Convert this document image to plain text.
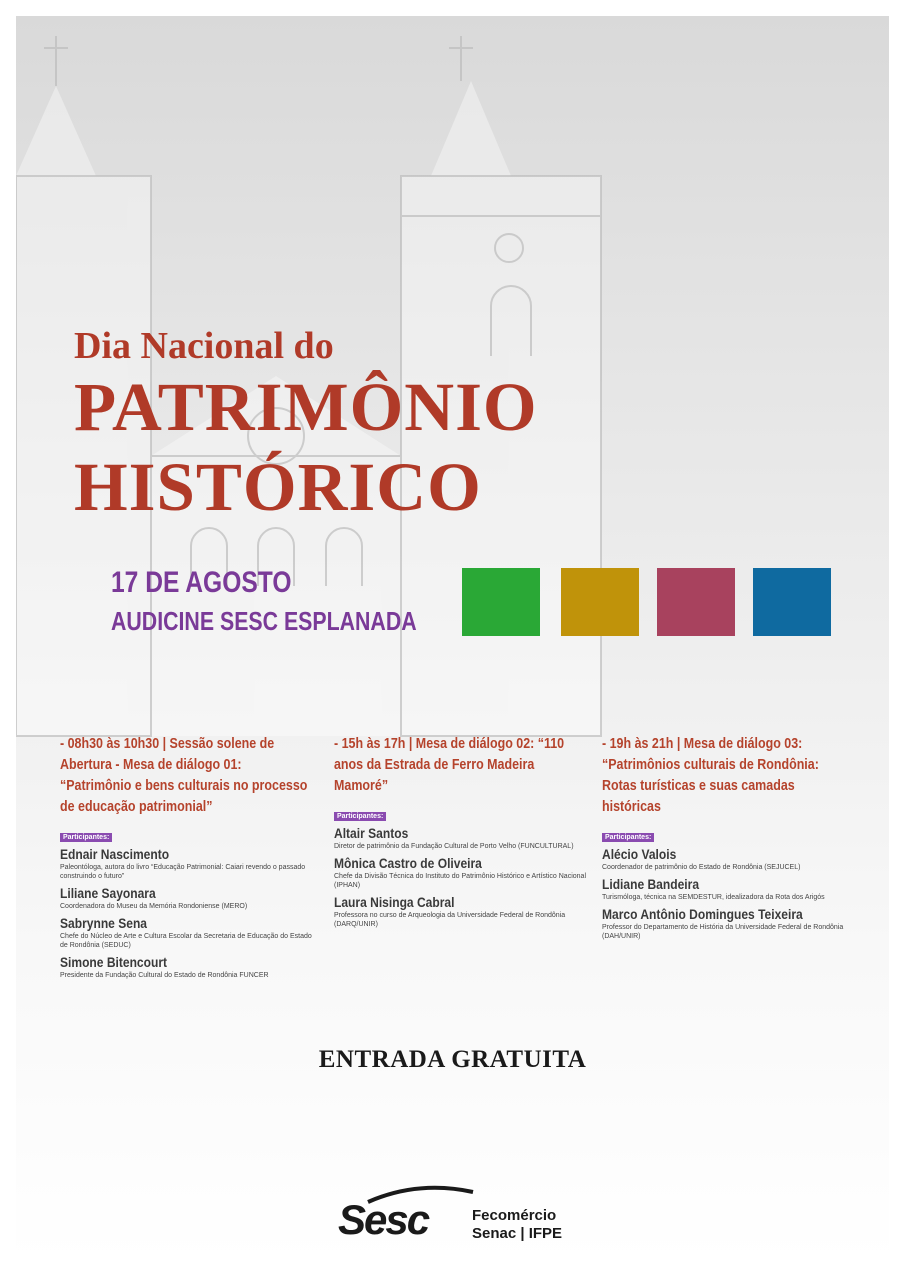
Dia Nacional do
PATRIMÔNIO
HISTÓRICO
17 DE AGOSTO
AUDICINE SESC ESPLANADA

- 08h30 às 10h30 | Sessão solene de Abertura - Mesa de diálogo 01: “Patrimônio e bens culturais no processo de educação patrimonial”

Participantes:
Ednair Nascimento
Paleontóloga, autora do livro “Educação Patrimonial: Caiari revendo o passado construindo o futuro”
Liliane Sayonara
Coordenadora do Museu da Memória Rondoniense (MERO)
Sabrynne Sena
Chefe do Núcleo de Arte e Cultura Escolar da Secretaria de Educação do Estado de Rondônia (SEDUC)
Simone Bitencourt
Presidente da Fundação Cultural do Estado de Rondônia FUNCER

- 15h às 17h | Mesa de diálogo 02: “110 anos da Estrada de Ferro Madeira Mamoré”

Participantes:
Altair Santos
Diretor de patrimônio da Fundação Cultural de Porto Velho (FUNCULTURAL)
Mônica Castro de Oliveira
Chefe da Divisão Técnica do Instituto do Patrimônio Histórico e Artístico Nacional (IPHAN)
Laura Nisinga Cabral
Professora no curso de Arqueologia da Universidade Federal de Rondônia (DARQ/UNIR)

- 19h às 21h | Mesa de diálogo 03: “Patrimônios culturais de Rondônia: Rotas turísticas e suas camadas históricas

Participantes:
Alécio Valois
Coordenador de patrimônio do Estado de Rondônia (SEJUCEL)
Lidiane Bandeira
Turismóloga, técnica na SEMDESTUR, idealizadora da Rota dos Arigós
Marco Antônio Domingues Teixeira
Professor do Departamento de História da Universidade Federal de Rondônia (DAH/UNIR)
ENTRADA GRATUITA
Sesc	Fecomércio
Senac | IFPE
